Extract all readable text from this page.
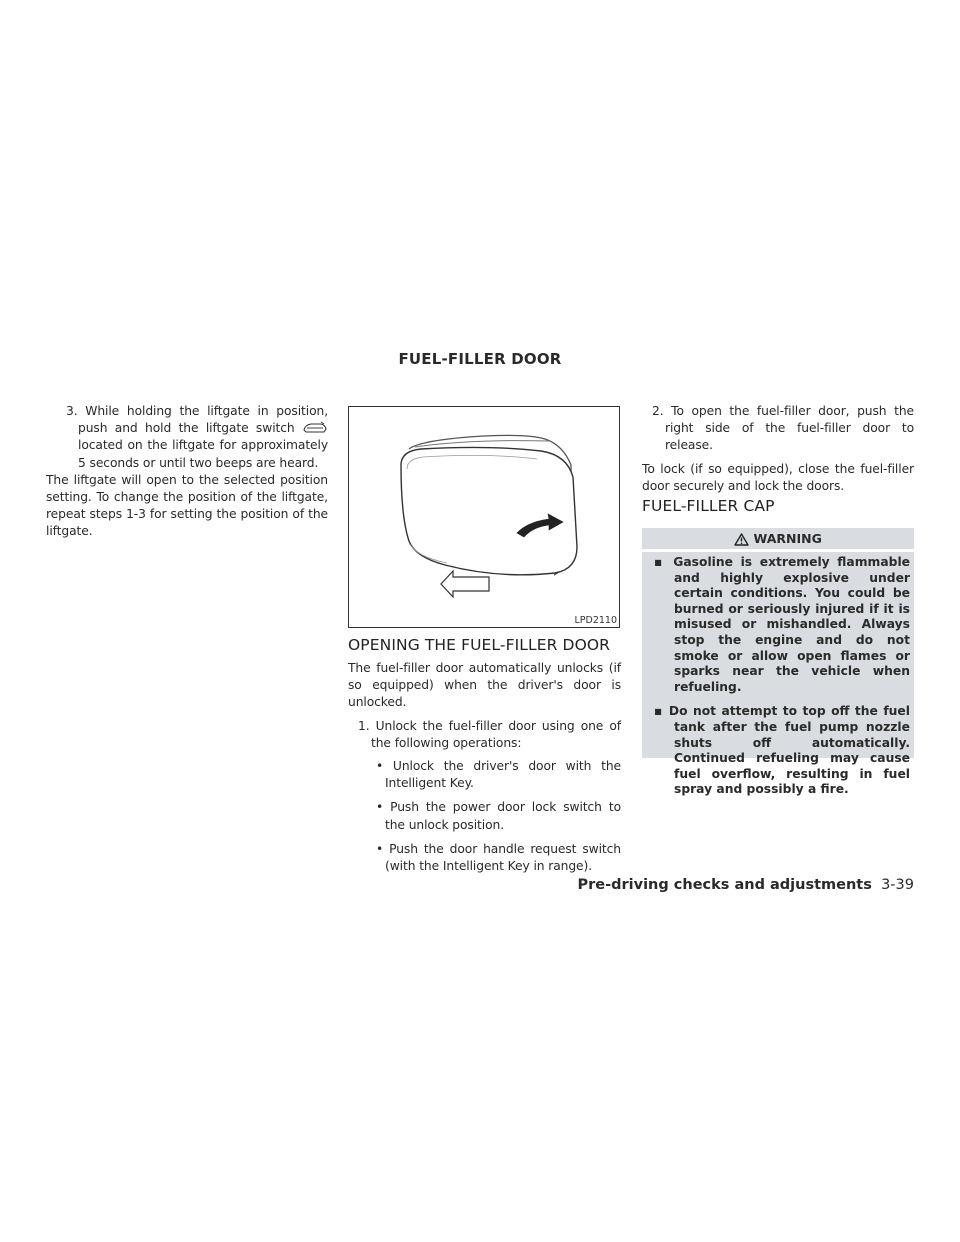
FUEL-FILLER DOOR
3. While holding the liftgate in position, push and hold the liftgate switch  located on the liftgate for approximately 5 seconds or until two beeps are heard.

The liftgate will open to the selected position setting. To change the position of the liftgate, repeat steps 1-3 for setting the position of the liftgate.

LPD2110
OPENING THE FUEL-FILLER DOOR

The fuel-filler door automatically unlocks (if so equipped) when the driver's door is unlocked.

1. Unlock the fuel-filler door using one of the following operations:

• Unlock the driver's door with the Intelligent Key.

• Push the power door lock switch to the unlock position.

• Push the door handle request switch (with the Intelligent Key in range).

2. To open the fuel-filler door, push the right side of the fuel-filler door to release.

To lock (if so equipped), close the fuel-filler door securely and lock the doors.

FUEL-FILLER CAP
WARNING

▪ Gasoline is extremely flammable and highly explosive under certain conditions. You could be burned or seriously injured if it is misused or mishandled. Always stop the engine and do not smoke or allow open flames or sparks near the vehicle when refueling.

▪ Do not attempt to top off the fuel tank after the fuel pump nozzle shuts off automatically. Continued refueling may cause fuel overflow, resulting in fuel spray and possibly a fire.

Pre-driving checks and adjustments 3-39
